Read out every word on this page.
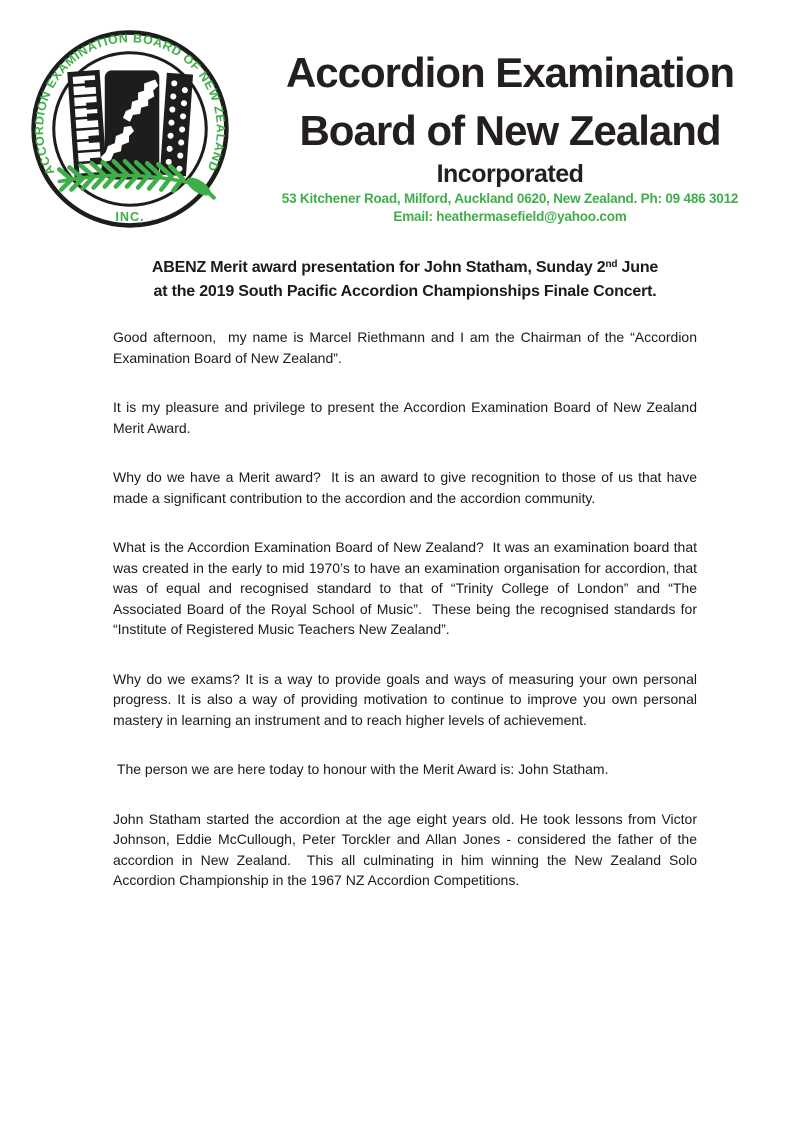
ACCORDION EXAMINATION BOARD OF NEW ZEALAND
INC.
Accordion Examination
Board of New Zealand
Incorporated
53 Kitchener Road, Milford, Auckland 0620, New Zealand. Ph: 09 486 3012
Email: heathermasefield@yahoo.com
ABENZ Merit award presentation for John Statham, Sunday 2nd June
at the 2019 South Pacific Accordion Championships Finale Concert.

Good afternoon,  my name is Marcel Riethmann and I am the Chairman of the “Accordion Examination Board of New Zealand”.

It is my pleasure and privilege to present the Accordion Examination Board of New Zealand Merit Award.

Why do we have a Merit award?  It is an award to give recognition to those of us that have made a significant contribution to the accordion and the accordion community.

What is the Accordion Examination Board of New Zealand?  It was an examination board that was created in the early to mid 1970’s to have an examination organisation for accordion, that was of equal and recognised standard to that of “Trinity College of London” and “The Associated Board of the Royal School of Music”.  These being the recognised standards for “Institute of Registered Music Teachers New Zealand”.

Why do we exams? It is a way to provide goals and ways of measuring your own personal progress. It is also a way of providing motivation to continue to improve you own personal mastery in learning an instrument and to reach higher levels of achievement.

The person we are here today to honour with the Merit Award is: John Statham.

John Statham started the accordion at the age eight years old. He took lessons from Victor Johnson, Eddie McCullough, Peter Torckler and Allan Jones - considered the father of the accordion in New Zealand.  This all culminating in him winning the New Zealand Solo Accordion Championship in the 1967 NZ Accordion Competitions.
